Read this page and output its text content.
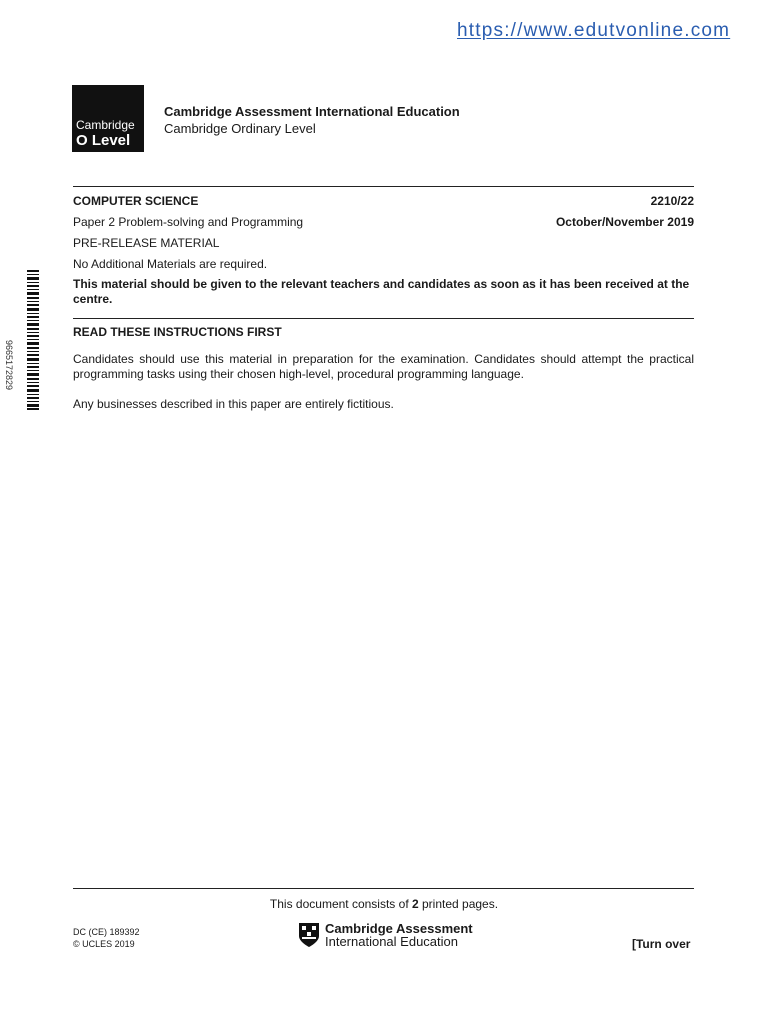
https://www.edutvonline.com
Cambridge
O Level
Cambridge Assessment International Education
Cambridge Ordinary Level
COMPUTER SCIENCE	2210/22
Paper 2 Problem-solving and Programming	October/November 2019
PRE-RELEASE MATERIAL
No Additional Materials are required.
This material should be given to the relevant teachers and candidates as soon as it has been received at the centre.
READ THESE INSTRUCTIONS FIRST
Candidates should use this material in preparation for the examination. Candidates should attempt the practical programming tasks using their chosen high-level, procedural programming language.
Any businesses described in this paper are entirely fictitious.
9665172829
This document consists of 2 printed pages.
DC (CE) 189392
© UCLES 2019
Cambridge Assessment
International Education	[Turn over
